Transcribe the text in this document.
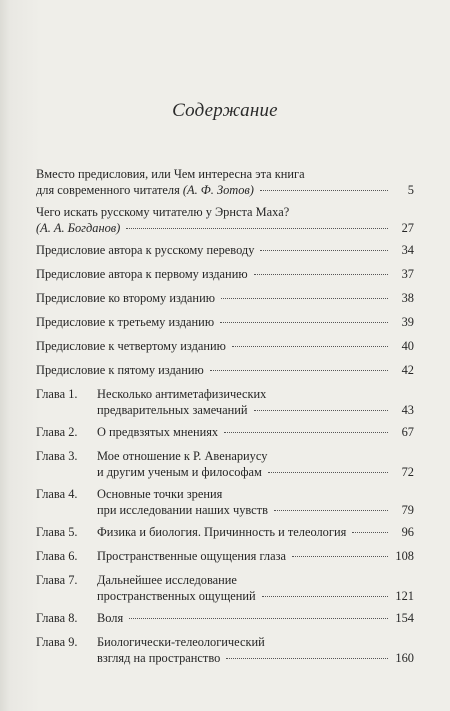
Содержание
Вместо предисловия, или Чем интересна эта книга
для современного читателя (А. Ф. Зотов)	5
Чего искать русскому читателю у Эрнста Маха?
(А. А. Богданов)	27
Предисловие автора к русскому переводу	34
Предисловие автора к первому изданию	37
Предисловие ко второму изданию	38
Предисловие к третьему изданию	39
Предисловие к четвертому изданию	40
Предисловие к пятому изданию	42
Глава 1.	Несколько антиметафизических
предварительных замечаний	43
Глава 2.	О предвзятых мнениях	67
Глава 3.	Мое отношение к Р. Авенариусу
и другим ученым и философам	72
Глава 4.	Основные точки зрения
при исследовании наших чувств	79
Глава 5.	Физика и биология. Причинность и телеология	96
Глава 6.	Пространственные ощущения глаза	108
Глава 7.	Дальнейшее исследование
пространственных ощущений	121
Глава 8.	Воля	154
Глава 9.	Биологически-телеологический
взгляд на пространство	160
